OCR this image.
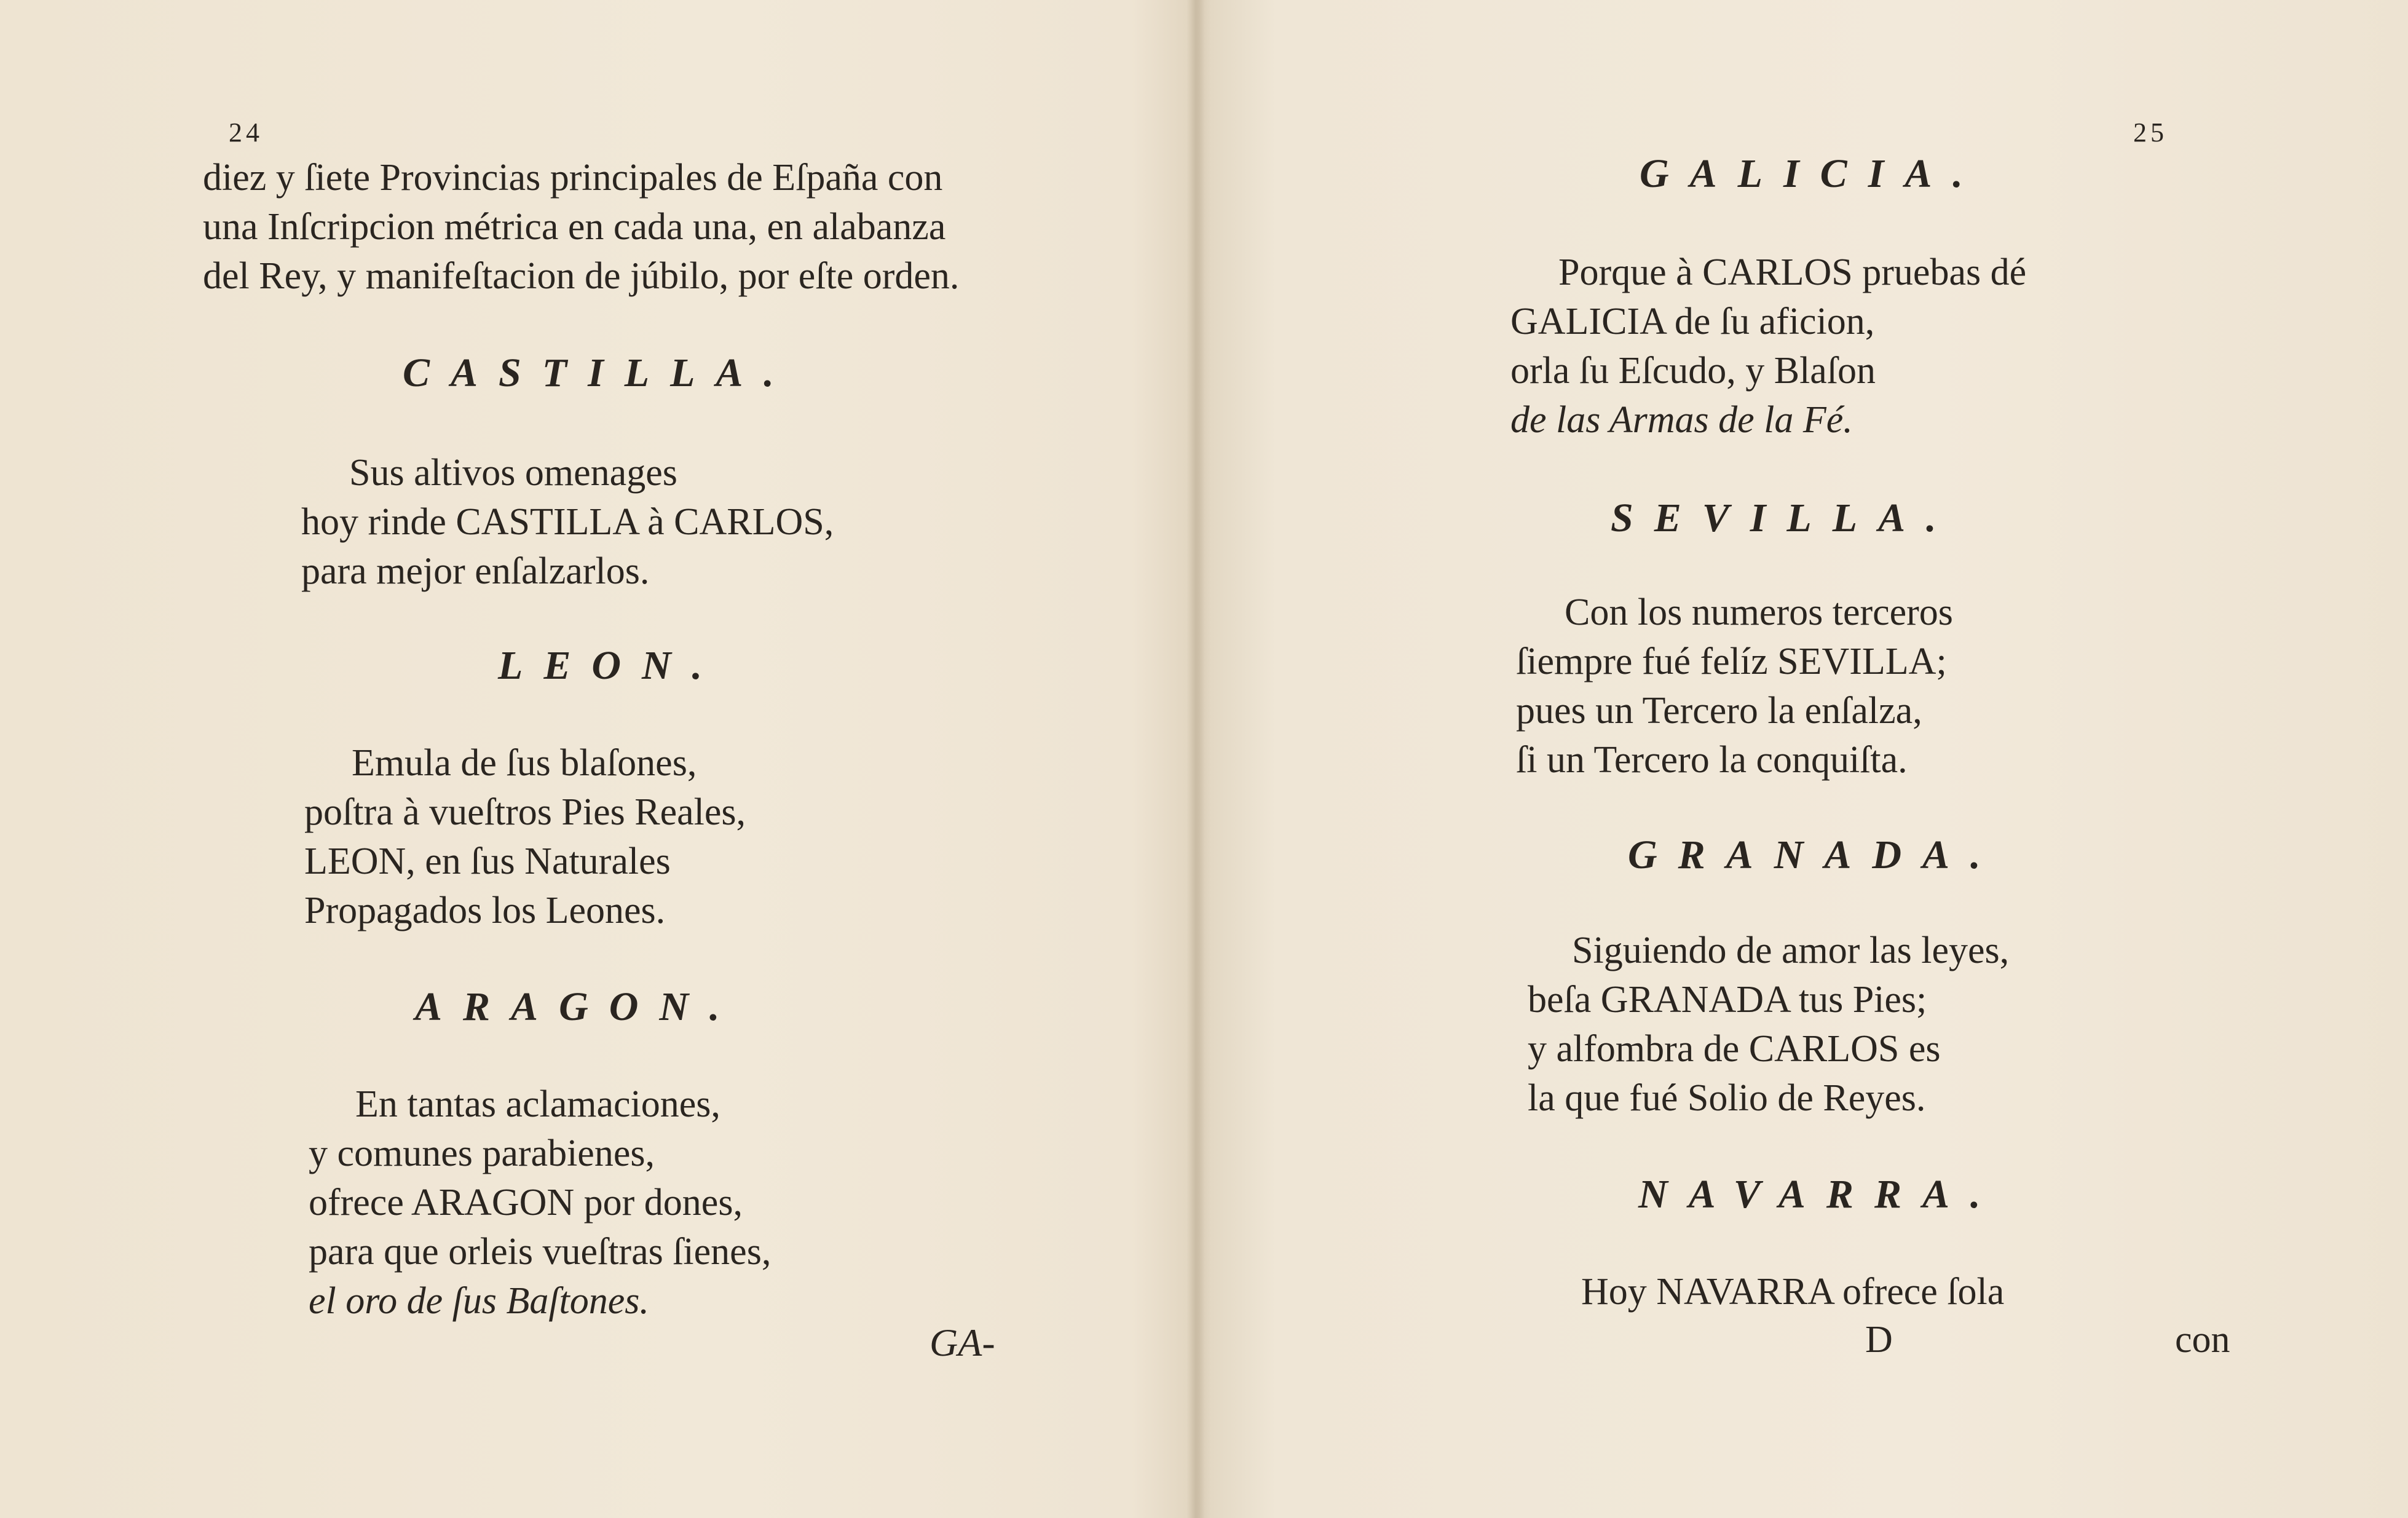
24
diez y ſiete Provincias principales de Eſpaña con
una Inſcripcion métrica en cada una, en alabanza
del Rey, y manifeſtacion de júbilo, por eſte orden.
CASTILLA.
Sus altivos omenages
hoy rinde CASTILLA à CARLOS,
para mejor enſalzarlos.
LEON.
Emula de ſus blaſones,
poſtra à vueſtros Pies Reales,
LEON, en ſus Naturales
Propagados los Leones.
ARAGON.
En tantas aclamaciones,
y comunes parabienes,
ofrece ARAGON por dones,
para que orleis vueſtras ſienes,
el oro de ſus Baſtones.
GA-
25
GALICIA.
Porque à CARLOS pruebas dé
GALICIA de ſu aficion,
orla ſu Eſcudo, y Blaſon
de las Armas de la Fé.
SEVILLA.
Con los numeros terceros
ſiempre fué felíz SEVILLA;
pues un Tercero la enſalza,
ſi un Tercero la conquiſta.
GRANADA.
Siguiendo de amor las leyes,
beſa GRANADA tus Pies;
y alfombra de CARLOS es
la que fué Solio de Reyes.
NAVARRA.
Hoy NAVARRA ofrece ſola
D	con
